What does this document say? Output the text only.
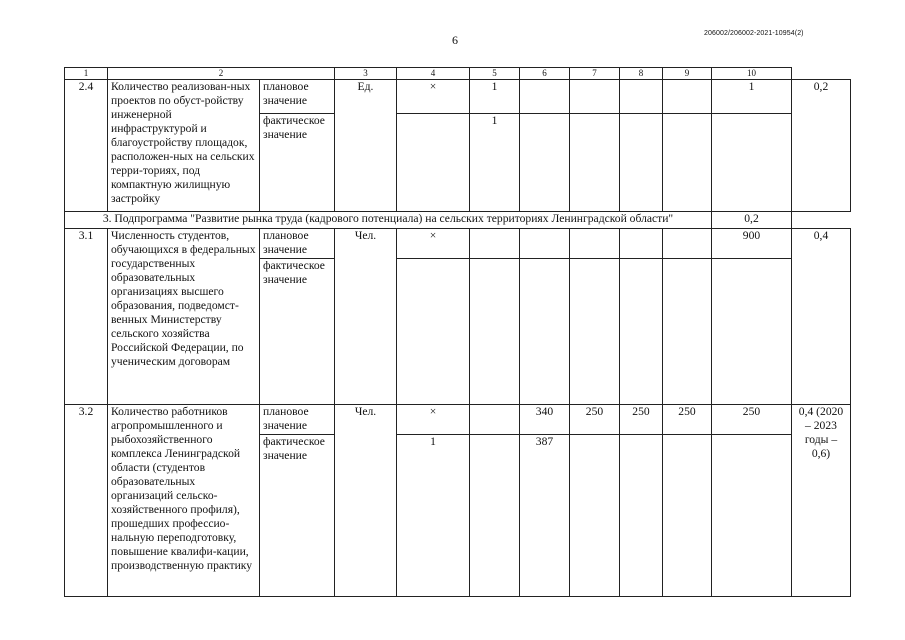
6	206002/206002-2021-10954(2)
1	2		3	4	5	6	7	8	9	10	
2.4	Количество реализован-ных проектов по обуст-ройству инженерной инфраструктурой и благоустройству площадок, расположен-ных на сельских терри-ториях, под компактную жилищную застройку	плановое значение	Ед.	×	1					1	0,2
		фактическое значение			1						
3. Подпрограмма "Развитие рынка труда (кадрового потенциала) на сельских территориях Ленинградской области"										0,2	
3.1	Численность студентов, обучающихся в федеральных государственных образовательных организациях высшего образования, подведомст-венных Министерству сельского хозяйства Российской Федерации, по ученическим договорам	плановое значение	Чел.	×						900	0,4
		фактическое значение									
3.2	Количество работников агропромышленного и рыбохозяйственного комплекса Ленинградской области (студентов образовательных организаций сельско-хозяйственного профиля), прошедших профессио-нальную переподготовку, повышение квалифи-кации, производственную практику	плановое значение	Чел.	×		340	250	250	250	250	0,4 (2020 – 2023 годы – 0,6)
		фактическое значение		1		387					
